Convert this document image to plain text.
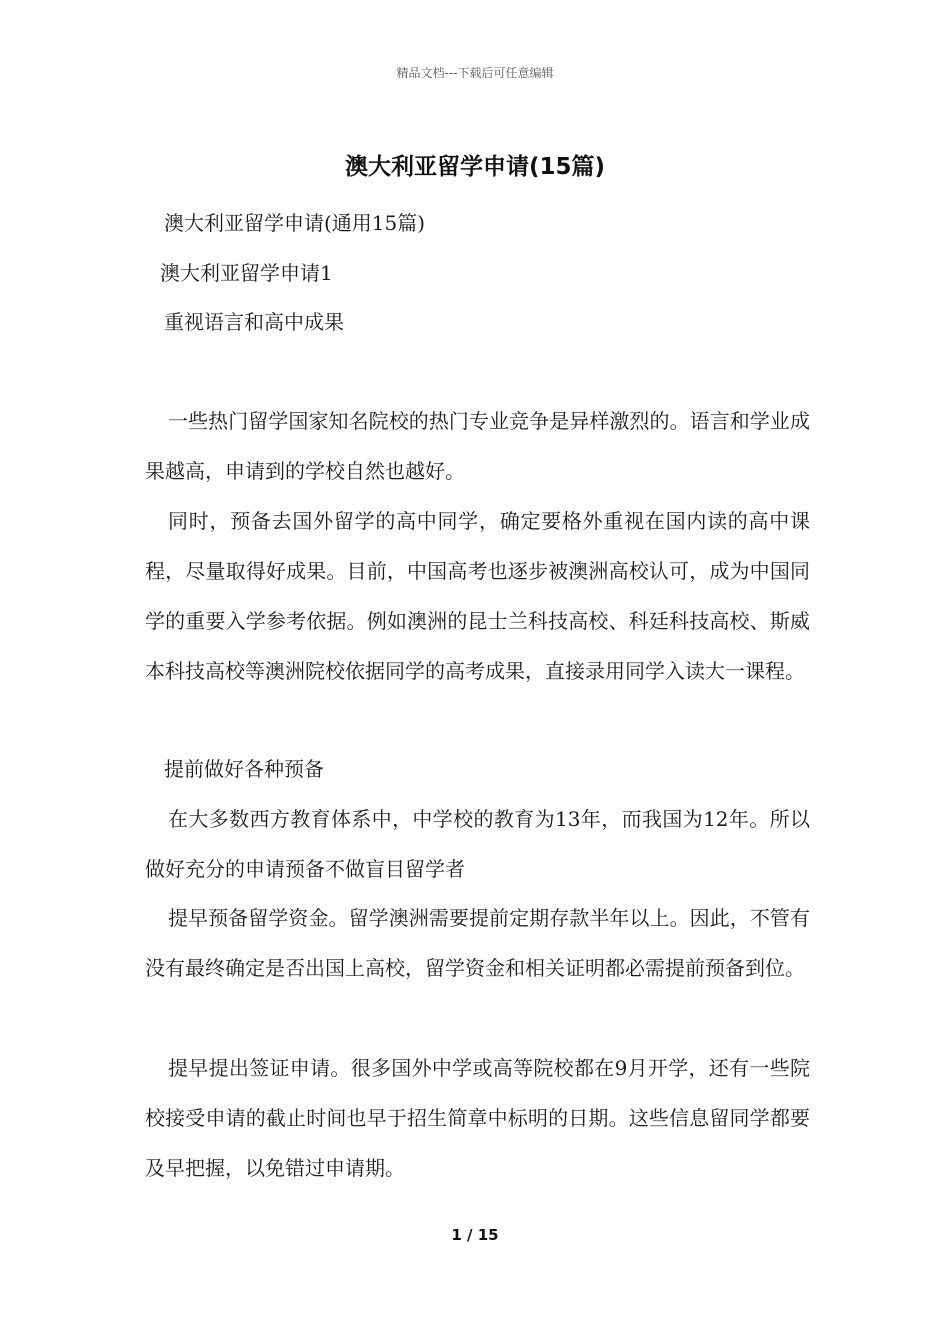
精品文档---下载后可任意编辑
澳大利亚留学申请(15篇)
澳大利亚留学申请(通用15篇)
澳大利亚留学申请1
重视语言和高中成果

一些热门留学国家知名院校的热门专业竞争是异样激烈的。语言和学业成果越高，申请到的学校自然也越好。

同时，预备去国外留学的高中同学，确定要格外重视在国内读的高中课程，尽量取得好成果。目前，中国高考也逐步被澳洲高校认可，成为中国同学的重要入学参考依据。例如澳洲的昆士兰科技高校、科廷科技高校、斯威本科技高校等澳洲院校依据同学的高考成果，直接录用同学入读大一课程。

提前做好各种预备

在大多数西方教育体系中，中学校的教育为13年，而我国为12年。所以做好充分的申请预备不做盲目留学者

提早预备留学资金。留学澳洲需要提前定期存款半年以上。因此，不管有没有最终确定是否出国上高校，留学资金和相关证明都必需提前预备到位。

提早提出签证申请。很多国外中学或高等院校都在9月开学，还有一些院校接受申请的截止时间也早于招生简章中标明的日期。这些信息留同学都要及早把握，以免错过申请期。

1 / 15
